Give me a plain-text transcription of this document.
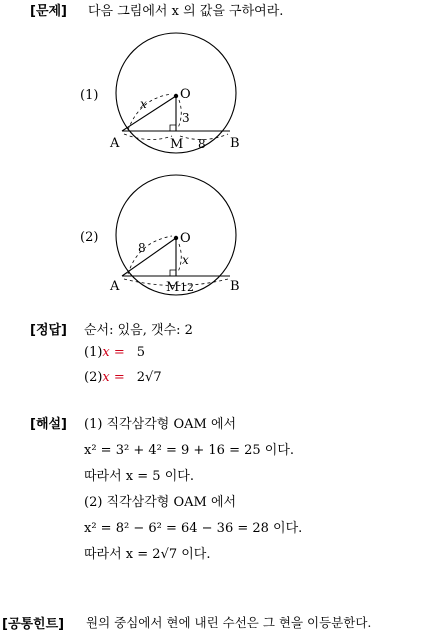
[문제] 다음 그림에서 x 의 값을 구하여라.
(1)
x
O
3
A	M 8 B
(2)
8
O
x
A	M 12	B
[정답] 순서: 있음, 갯수: 2
(1)x = 5
(2)x = 2√7
[해설] (1) 직각삼각형 OAM 에서
x² = 3² + 4² = 9 + 16 = 25 이다.
따라서 x = 5 이다.
(2) 직각삼각형 OAM 에서
x² = 8² − 6² = 64 − 36 = 28 이다.
따라서 x = 2√7 이다.
[공통힌트] 원의 중심에서 현에 내린 수선은 그 현을 이등분한다.
